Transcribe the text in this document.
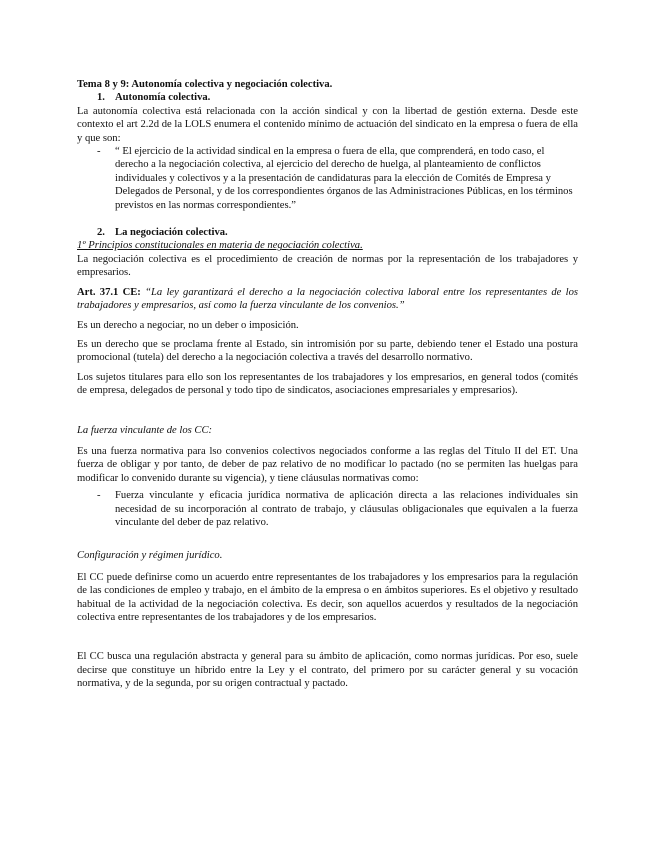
Tema 8 y 9: Autonomía colectiva y negociación colectiva.

1. Autonomía colectiva.

La autonomía colectiva está relacionada con la acción sindical y con la libertad de gestión externa. Desde este contexto el art 2.2d de la LOLS enumera el contenido mínimo de actuación del sindicato en la empresa o fuera de ella y que son:

-	“ El ejercicio de la actividad sindical en la empresa o fuera de ella, que comprenderá, en todo caso, el derecho a la negociación colectiva, al ejercicio del derecho de huelga, al planteamiento de conflictos individuales y colectivos y a la presentación de candidaturas para la elección de Comités de Empresa y Delegados de Personal, y de los correspondientes órganos de las Administraciones Públicas, en los términos previstos en las normas correspondientes.”
2. La negociación colectiva.

1º Principios constitucionales en materia de negociación colectiva.

La negociación colectiva es el procedimiento de creación de normas por la representación de los trabajadores y empresarios.

Art. 37.1 CE: “La ley garantizará el derecho a la negociación colectiva laboral entre los representantes de los trabajadores y empresarios, así como la fuerza vinculante de los convenios.”

Es un derecho a negociar, no un deber o imposición.

Es un derecho que se proclama frente al Estado, sin intromisión por su parte, debiendo tener el Estado una postura promocional (tutela) del derecho a la negociación colectiva a través del desarrollo normativo.

Los sujetos titulares para ello son los representantes de los trabajadores y los empresarios, en general todos (comités de empresa, delegados de personal y todo tipo de sindicatos, asociaciones empresariales y empresarios).

La fuerza vinculante de los CC:

Es una fuerza normativa para lso convenios colectivos negociados conforme a las reglas del Título II del ET. Una fuerza de obligar y por tanto, de deber de paz relativo de no modificar lo pactado (no se permiten las huelgas para modificar lo convenido durante su vigencia), y tiene cláusulas normativas como:

-	Fuerza vinculante y eficacia jurídica normativa de aplicación directa a las relaciones individuales sin necesidad de su incorporación al contrato de trabajo, y cláusulas obligacionales que equivalen a la fuerza vinculante del deber de paz relativo.

Configuración y régimen jurídico.

El CC puede definirse como un acuerdo entre representantes de los trabajadores y los empresarios para la regulación de las condiciones de empleo y trabajo, en el ámbito de la empresa o en ámbitos superiores. Es el objetivo y resultado habitual de la actividad de la negociación colectiva. Es decir, son aquellos acuerdos y resultados de la negociación colectiva entre representantes de los trabajadores y de los empresarios.

El CC busca una regulación abstracta y general para su ámbito de aplicación, como normas jurídicas. Por eso, suele decirse que constituye un híbrido entre la Ley y el contrato, del primero por su carácter general y su vocación normativa, y de la segunda, por su origen contractual y pactado.
